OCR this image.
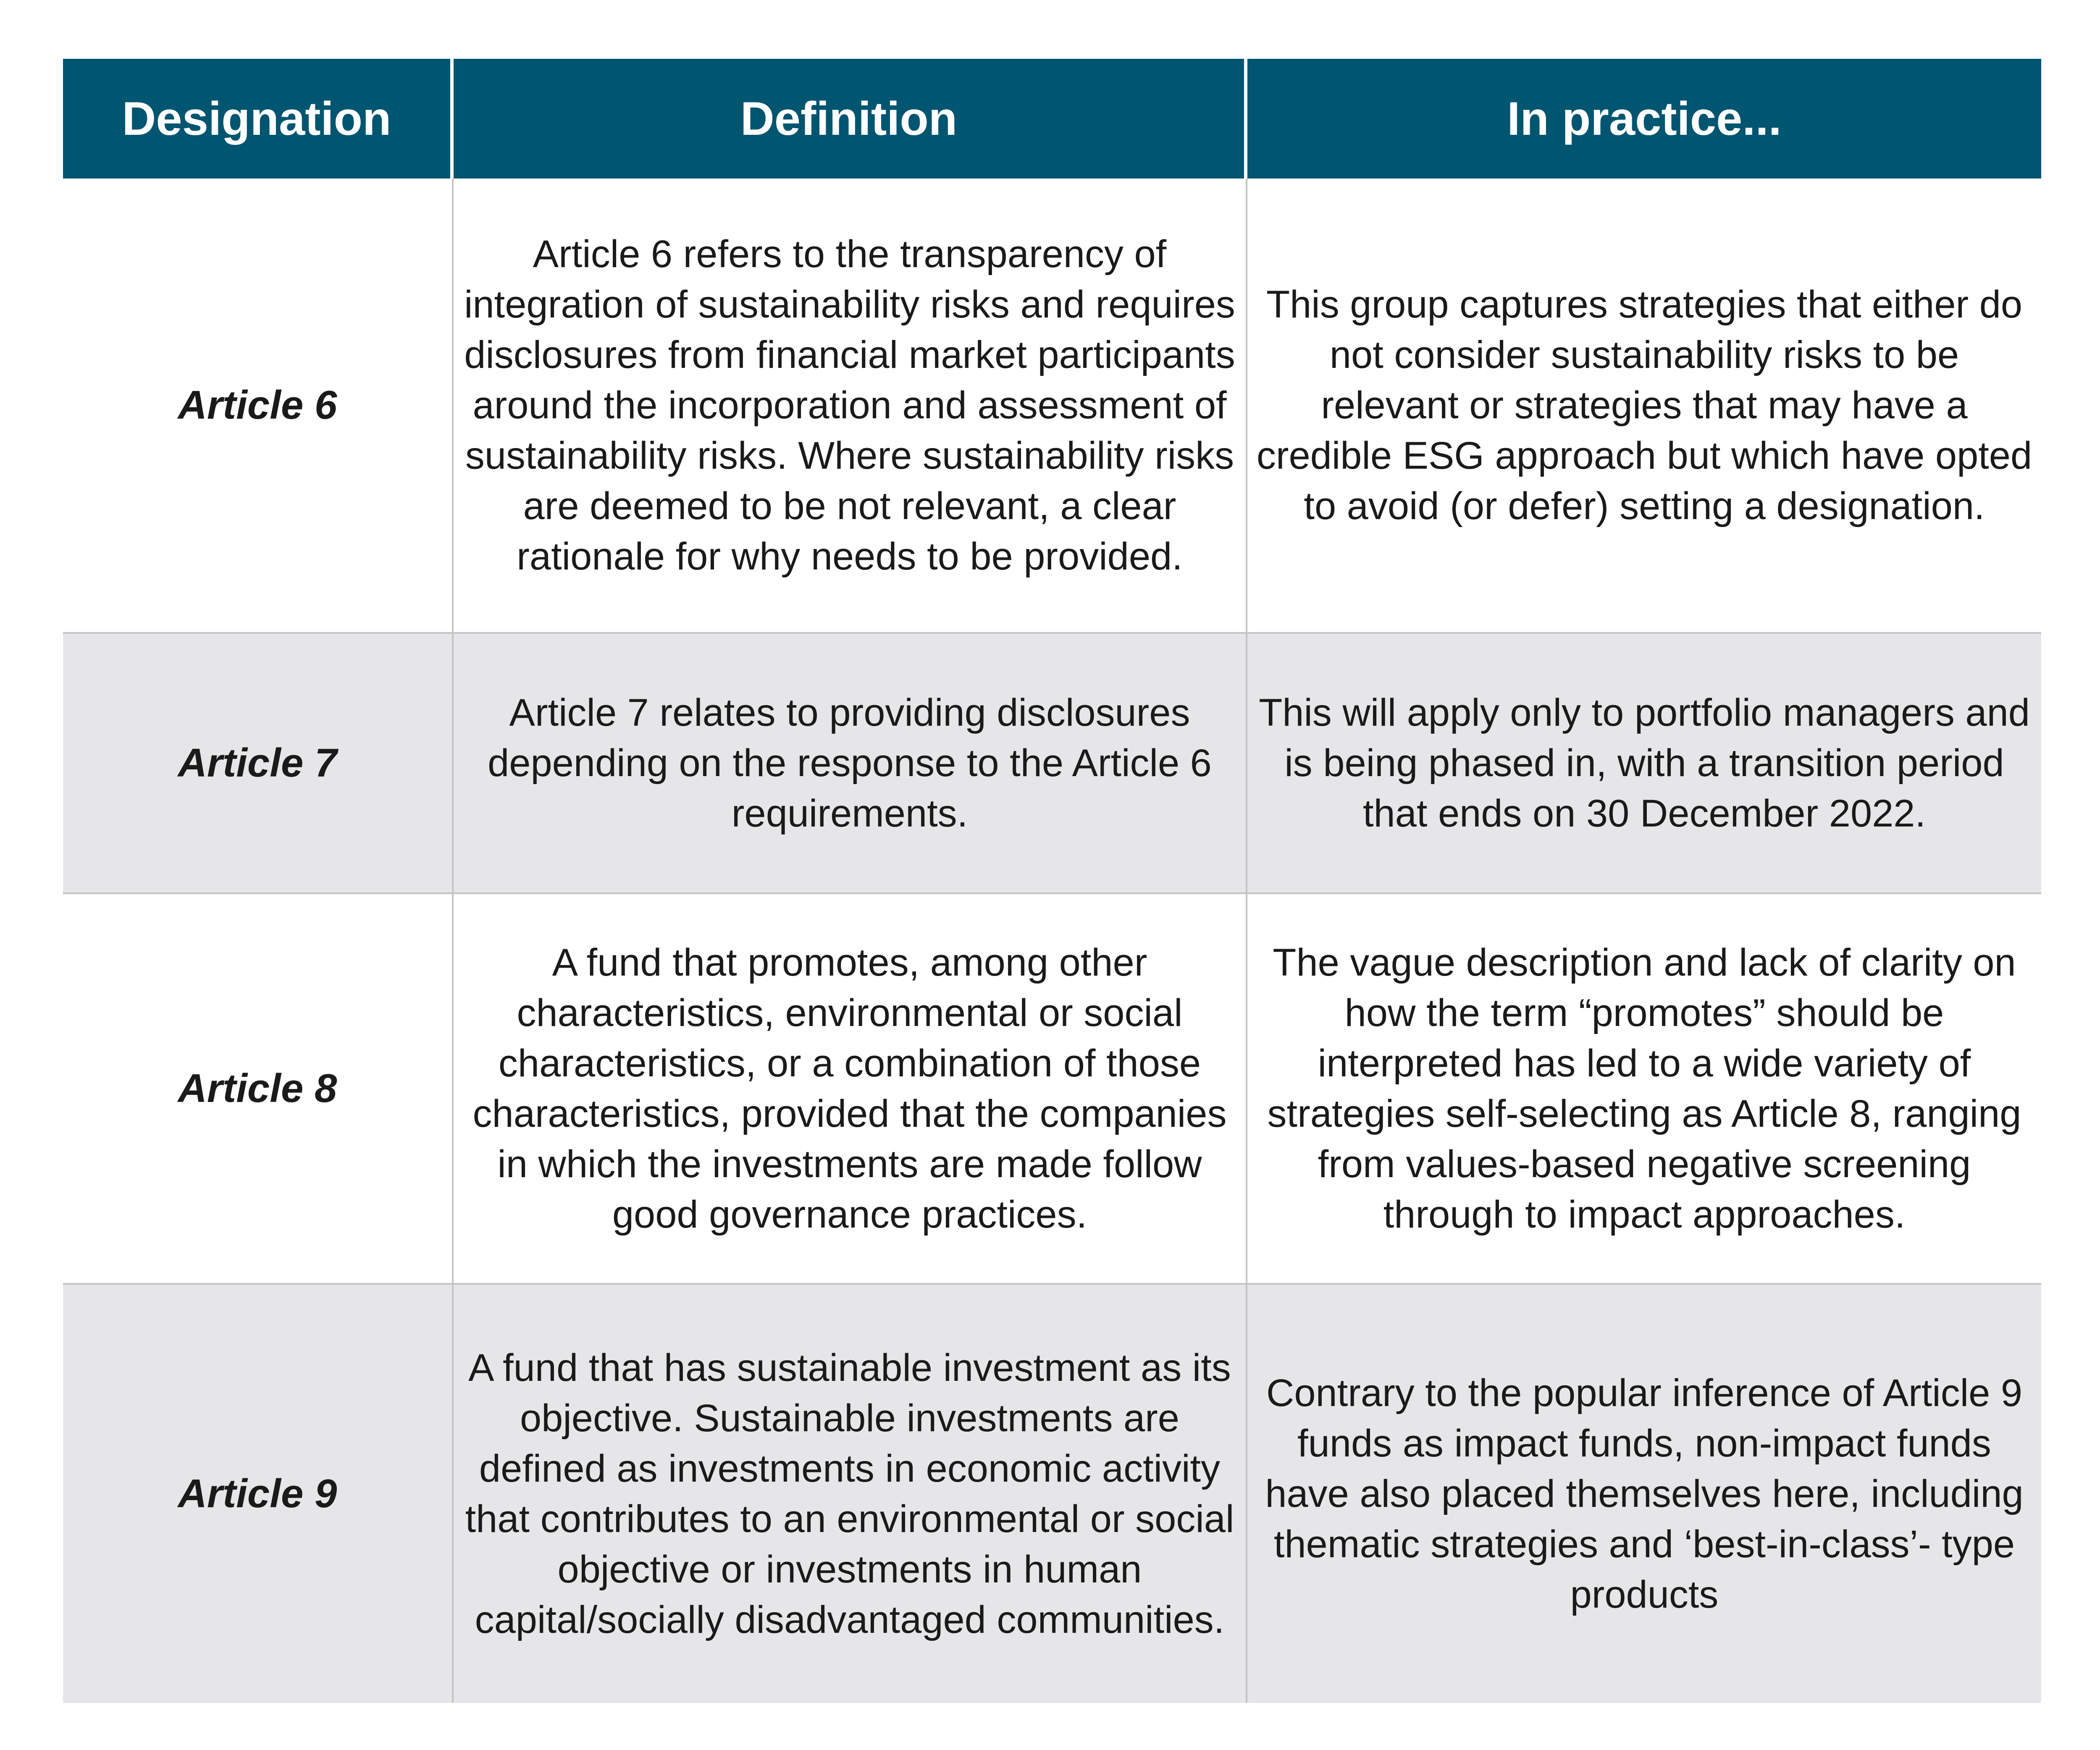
Designation	Definition	In practice...
Article 6
Article 6 refers to the transparency of integration of sustainability risks and requires disclosures from financial market participants around the incorporation and assessment of sustainability risks. Where sustainability risks are deemed to be not relevant, a clear rationale for why needs to be provided.
This group captures strategies that either do not consider sustainability risks to be relevant or strategies that may have a credible ESG approach but which have opted to avoid (or defer) setting a designation.
Article 7
Article 7 relates to providing disclosures depending on the response to the Article 6 requirements.
This will apply only to portfolio managers and is being phased in, with a transition period that ends on 30 December 2022.
Article 8
A fund that promotes, among other characteristics, environmental or social characteristics, or a combination of those characteristics, provided that the companies in which the investments are made follow good governance practices.
The vague description and lack of clarity on how the term “promotes” should be interpreted has led to a wide variety of strategies self-selecting as Article 8, ranging from values-based negative screening through to impact approaches.
Article 9
A fund that has sustainable investment as its objective. Sustainable investments are defined as investments in economic activity that contributes to an environmental or social objective or investments in human capital/socially disadvantaged communities.
Contrary to the popular inference of Article 9 funds as impact funds, non-impact funds have also placed themselves here, including thematic strategies and ‘best-in-class’- type products
